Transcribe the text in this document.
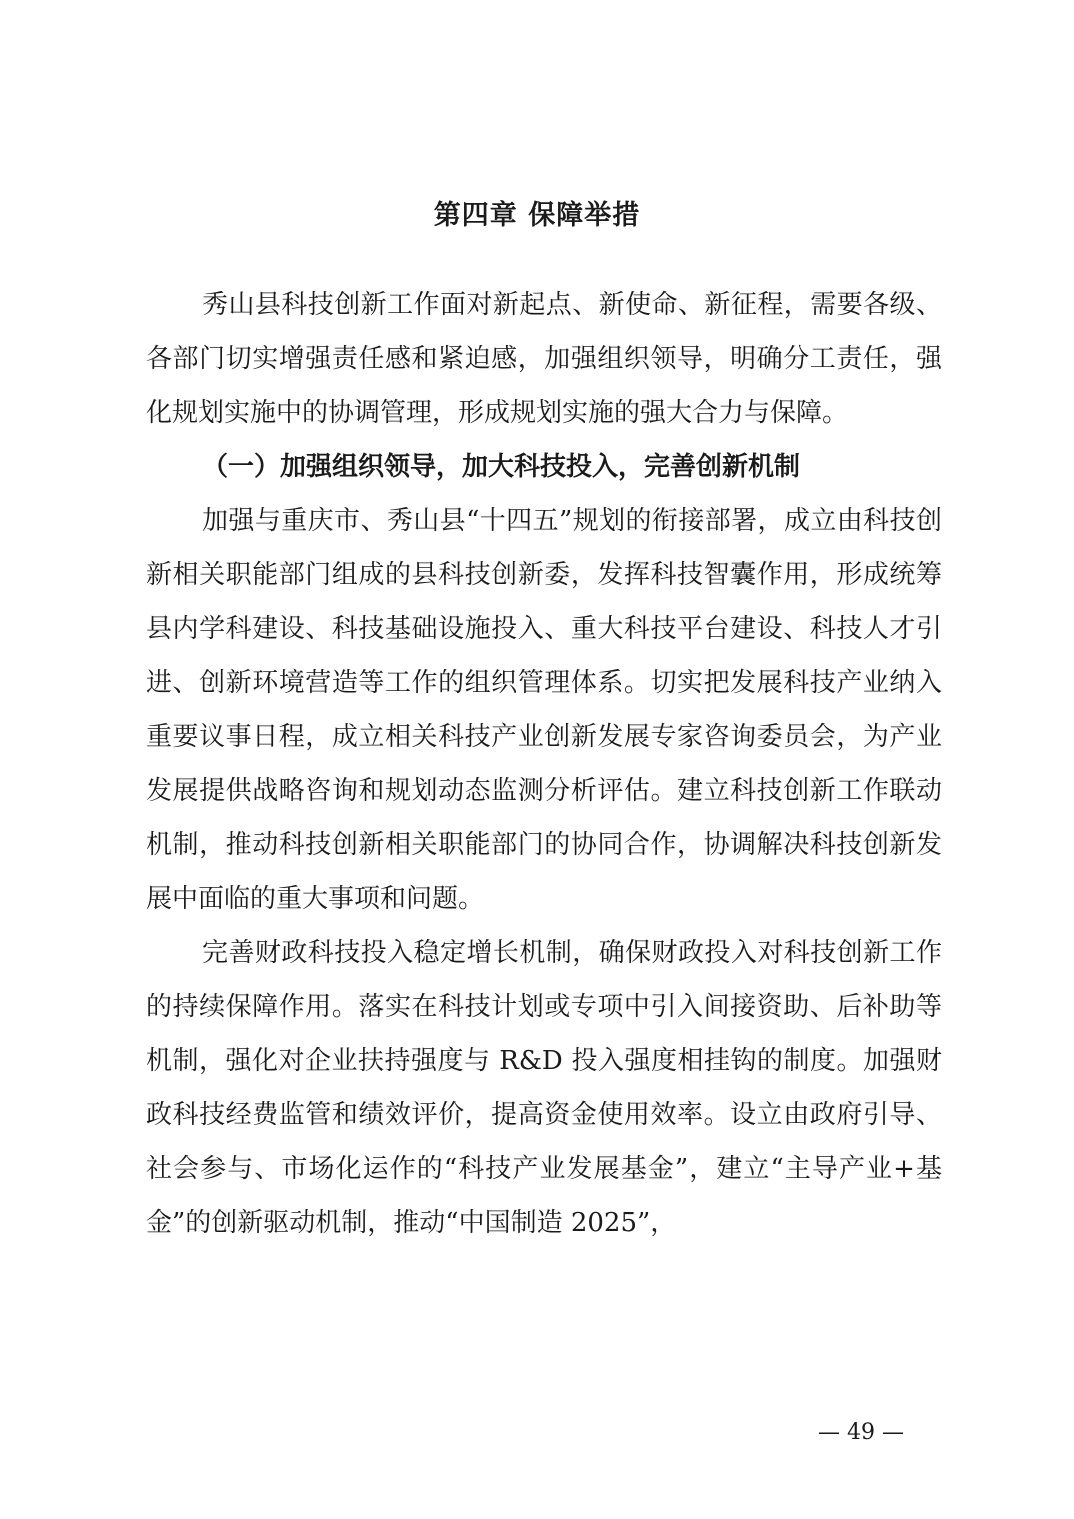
第四章 保障举措

秀山县科技创新工作面对新起点、新使命、新征程，需要各级、各部门切实增强责任感和紧迫感，加强组织领导，明确分工责任，强化规划实施中的协调管理，形成规划实施的强大合力与保障。

（一）加强组织领导，加大科技投入，完善创新机制

加强与重庆市、秀山县“十四五”规划的衔接部署，成立由科技创新相关职能部门组成的县科技创新委，发挥科技智囊作用，形成统筹县内学科建设、科技基础设施投入、重大科技平台建设、科技人才引进、创新环境营造等工作的组织管理体系。切实把发展科技产业纳入重要议事日程，成立相关科技产业创新发展专家咨询委员会，为产业发展提供战略咨询和规划动态监测分析评估。建立科技创新工作联动机制，推动科技创新相关职能部门的协同合作，协调解决科技创新发展中面临的重大事项和问题。

完善财政科技投入稳定增长机制，确保财政投入对科技创新工作的持续保障作用。落实在科技计划或专项中引入间接资助、后补助等机制，强化对企业扶持强度与 R&D 投入强度相挂钩的制度。加强财政科技经费监管和绩效评价，提高资金使用效率。设立由政府引导、社会参与、市场化运作的“科技产业发展基金”，建立“主导产业+基金”的创新驱动机制，推动“中国制造 2025”，

— 49 —
